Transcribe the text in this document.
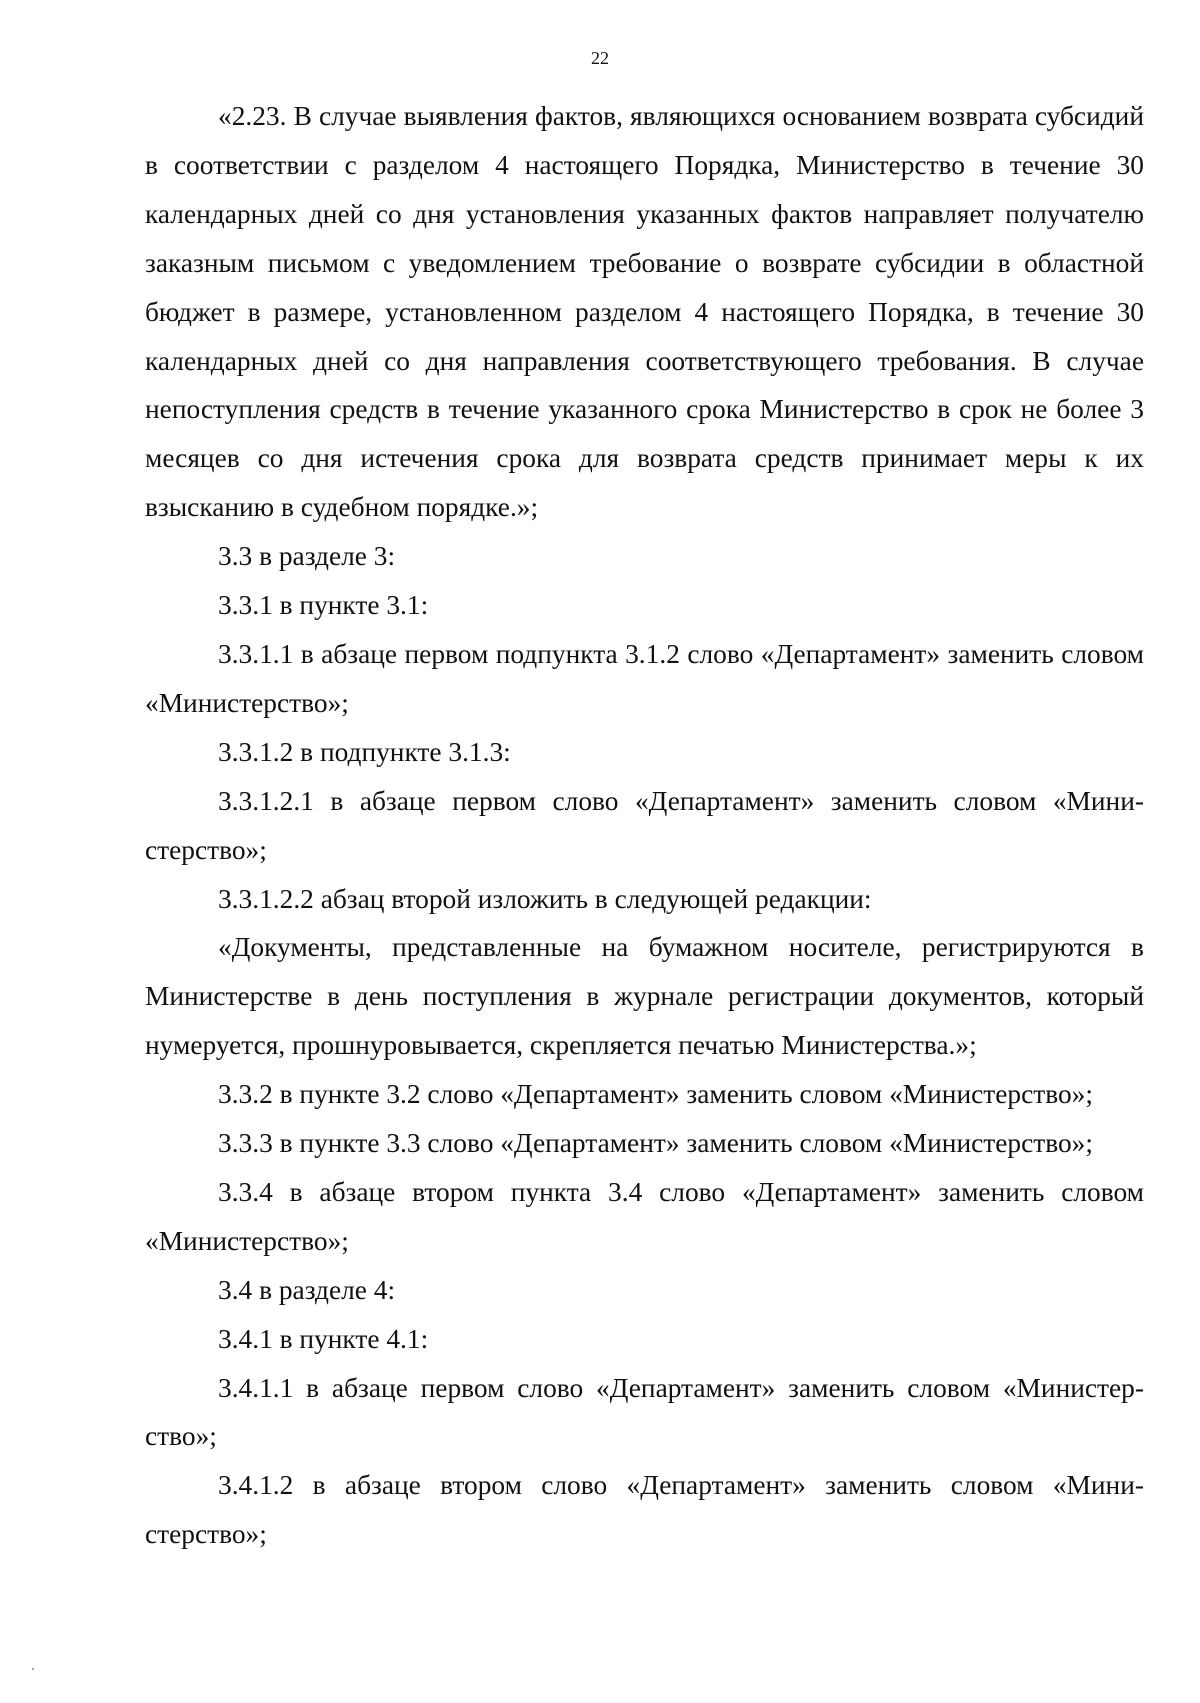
22

«2.23. В случае выявления фактов, являющихся основанием возврата субсидий в соответствии с разделом 4 настоящего Порядка, Министерство в течение 30 календарных дней со дня установления указанных фактов направляет получателю заказным письмом с уведомлением требование о возврате субсидии в областной бюджет в размере, установленном разделом 4 настоящего Порядка, в течение 30 календарных дней со дня направления соответствующего требования. В случае непоступления средств в течение указанного срока Министерство в срок не более 3 месяцев со дня истечения срока для возврата средств принимает меры к их взысканию в судебном порядке.»;

3.3 в разделе 3:

3.3.1 в пункте 3.1:

3.3.1.1 в абзаце первом подпункта 3.1.2 слово «Департамент» заменить словом «Министерство»;

3.3.1.2 в подпункте 3.1.3:

3.3.1.2.1 в абзаце первом слово «Департамент» заменить словом «Министерство»;

3.3.1.2.2 абзац второй изложить в следующей редакции:

«Документы, представленные на бумажном носителе, регистрируются в Министерстве в день поступления в журнале регистрации документов, который нумеруется, прошнуровывается, скрепляется печатью Министерства.»;

3.3.2 в пункте 3.2 слово «Департамент» заменить словом «Министерство»;

3.3.3 в пункте 3.3 слово «Департамент» заменить словом «Министерство»;

3.3.4 в абзаце втором пункта 3.4 слово «Департамент» заменить словом «Министерство»;

3.4 в разделе 4:

3.4.1 в пункте 4.1:

3.4.1.1 в абзаце первом слово «Департамент» заменить словом «Министерство»;

3.4.1.2 в абзаце втором слово «Департамент» заменить словом «Министерство»;
